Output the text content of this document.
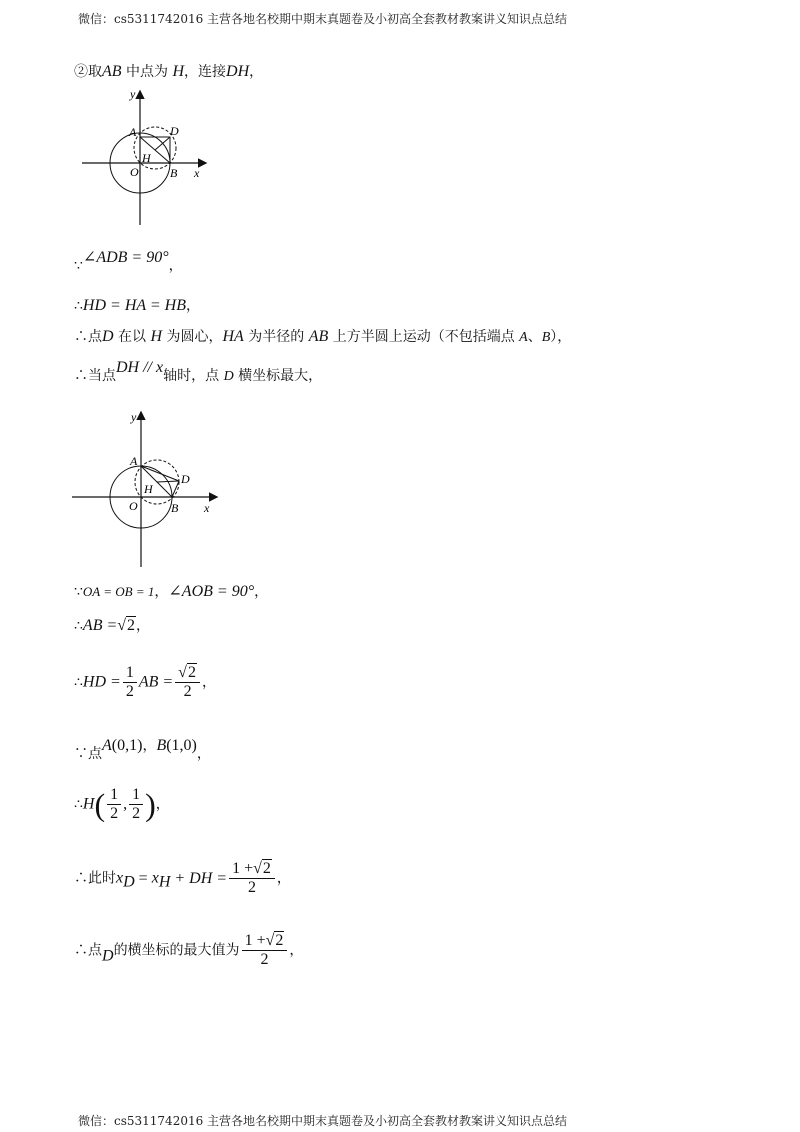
微信：cs5311742016 主营各地名校期中期末真题卷及小初高全套教材教案讲义知识点总结
②取AB 中点为 H，连接DH，
y
x
A	D
H
O	B
∵∠ADB = 90°，
∴HD = HA = HB，
∴点D 在以 H 为圆心，HA 为半径的 AB 上方半圆上运动（不包括端点 A、B），
∴当点DH // x轴时，点 D 横坐标最大，
y
x
A
D
H
O	B
∵OA = OB = 1，∠AOB = 90°，
∴AB =√2，
∴HD = $\frac{1}{2}$ AB = $\frac{√2}{2}$ ，
∵点A(0,1)，B(1,0)，
∴H( $\frac{1}{2}$ , $\frac{1}{2}$ )，
∴此时$x_D = x_H$ + DH = $\frac{1 +√2}{2}$ ，
∴点D的横坐标的最大值为 $\frac{1 +√2}{2}$ ，
微信：cs5311742016 主营各地名校期中期末真题卷及小初高全套教材教案讲义知识点总结
